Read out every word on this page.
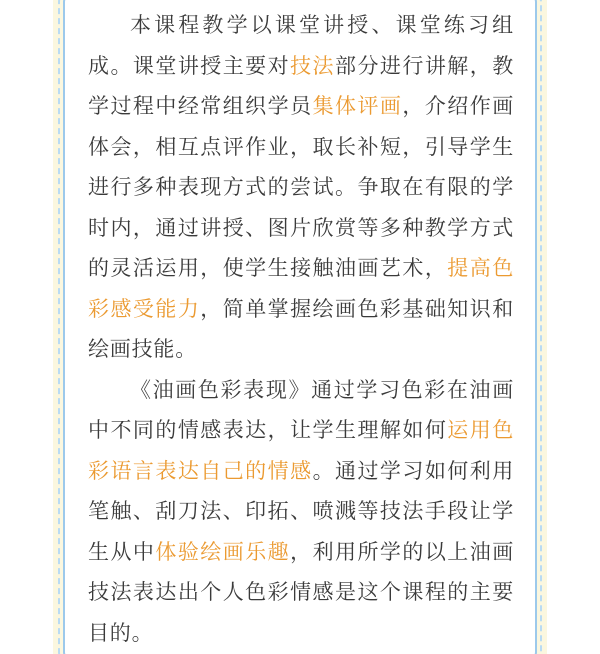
本课程教学以课堂讲授、课堂练习组成。课堂讲授主要对技法部分进行讲解，教学过程中经常组织学员集体评画，介绍作画体会，相互点评作业，取长补短，引导学生进行多种表现方式的尝试。争取在有限的学时内，通过讲授、图片欣赏等多种教学方式的灵活运用，使学生接触油画艺术，提高色彩感受能力，简单掌握绘画色彩基础知识和绘画技能。

《油画色彩表现》通过学习色彩在油画中不同的情感表达，让学生理解如何运用色彩语言表达自己的情感。通过学习如何利用笔触、刮刀法、印拓、喷溅等技法手段让学生从中体验绘画乐趣，利用所学的以上油画技法表达出个人色彩情感是这个课程的主要目的。
